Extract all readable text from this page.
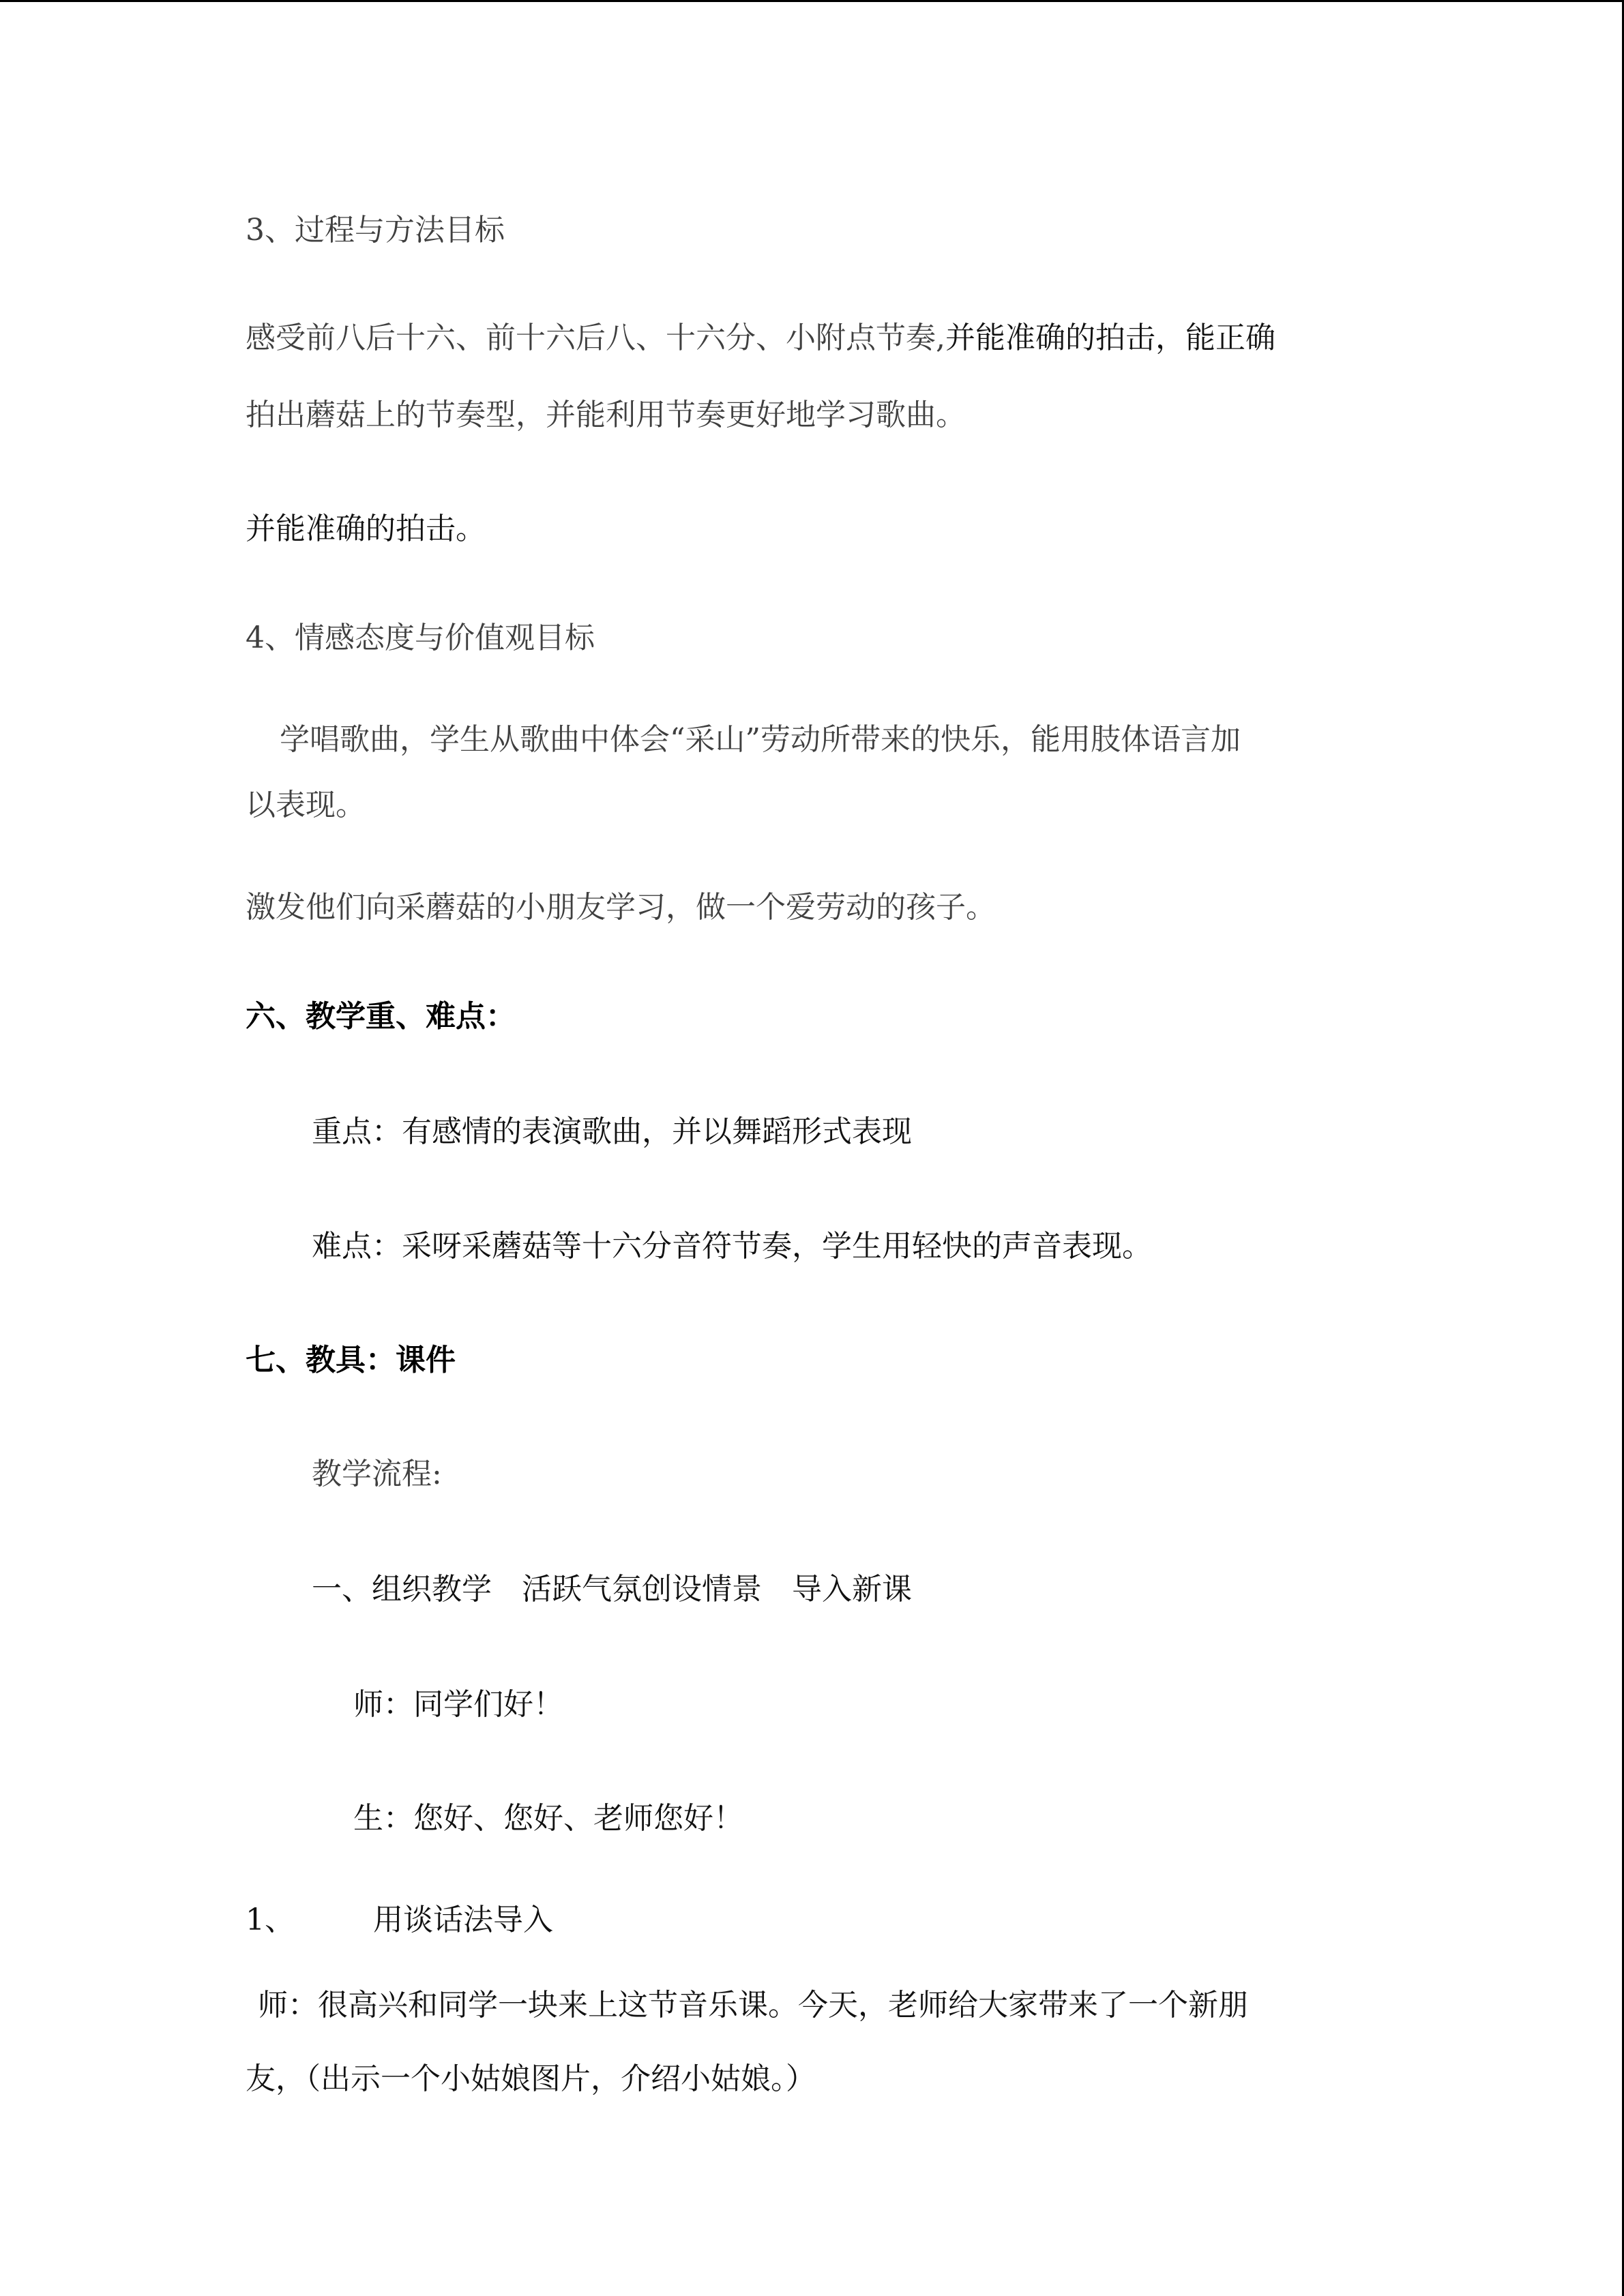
3、过程与方法目标

感受前八后十六、前十六后八、十六分、小附点节奏,并能准确的拍击，能正确

拍出蘑菇上的节奏型，并能利用节奏更好地学习歌曲。

并能准确的拍击。

4、情感态度与价值观目标

学唱歌曲，学生从歌曲中体会“采山”劳动所带来的快乐，能用肢体语言加

以表现。

激发他们向采蘑菇的小朋友学习，做一个爱劳动的孩子。

六、教学重、难点：

重点：有感情的表演歌曲，并以舞蹈形式表现

难点：采呀采蘑菇等十六分音符节奏，学生用轻快的声音表现。

七、教具：课件

教学流程:

一、组织教学　活跃气氛创设情景　导入新课

师：同学们好！

生：您好、您好、老师您好！

1、	用谈话法导入

师：很高兴和同学一块来上这节音乐课。今天，老师给大家带来了一个新朋

友，（出示一个小姑娘图片，介绍小姑娘。）
